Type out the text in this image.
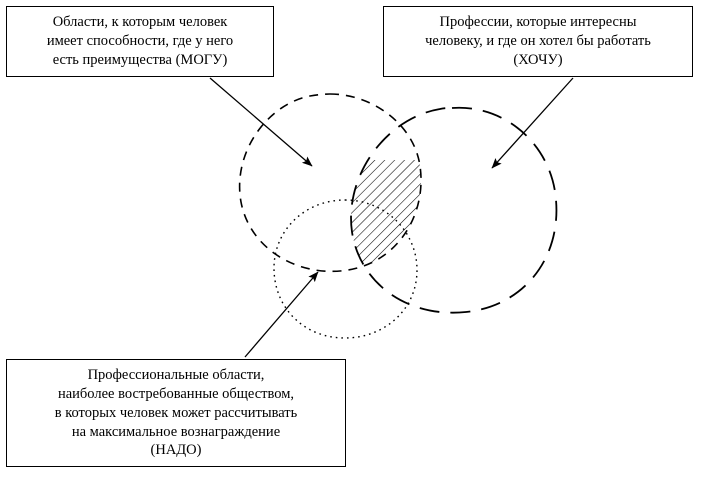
Области, к которым человек
имеет способности, где у него
есть преимущества (МОГУ)
Профессии, которые интересны
человеку, и где он хотел бы работать
(ХОЧУ)
Профессиональные области,
наиболее востребованные обществом,
в которых человек может рассчитывать
на максимальное вознаграждение
(НАДО)
